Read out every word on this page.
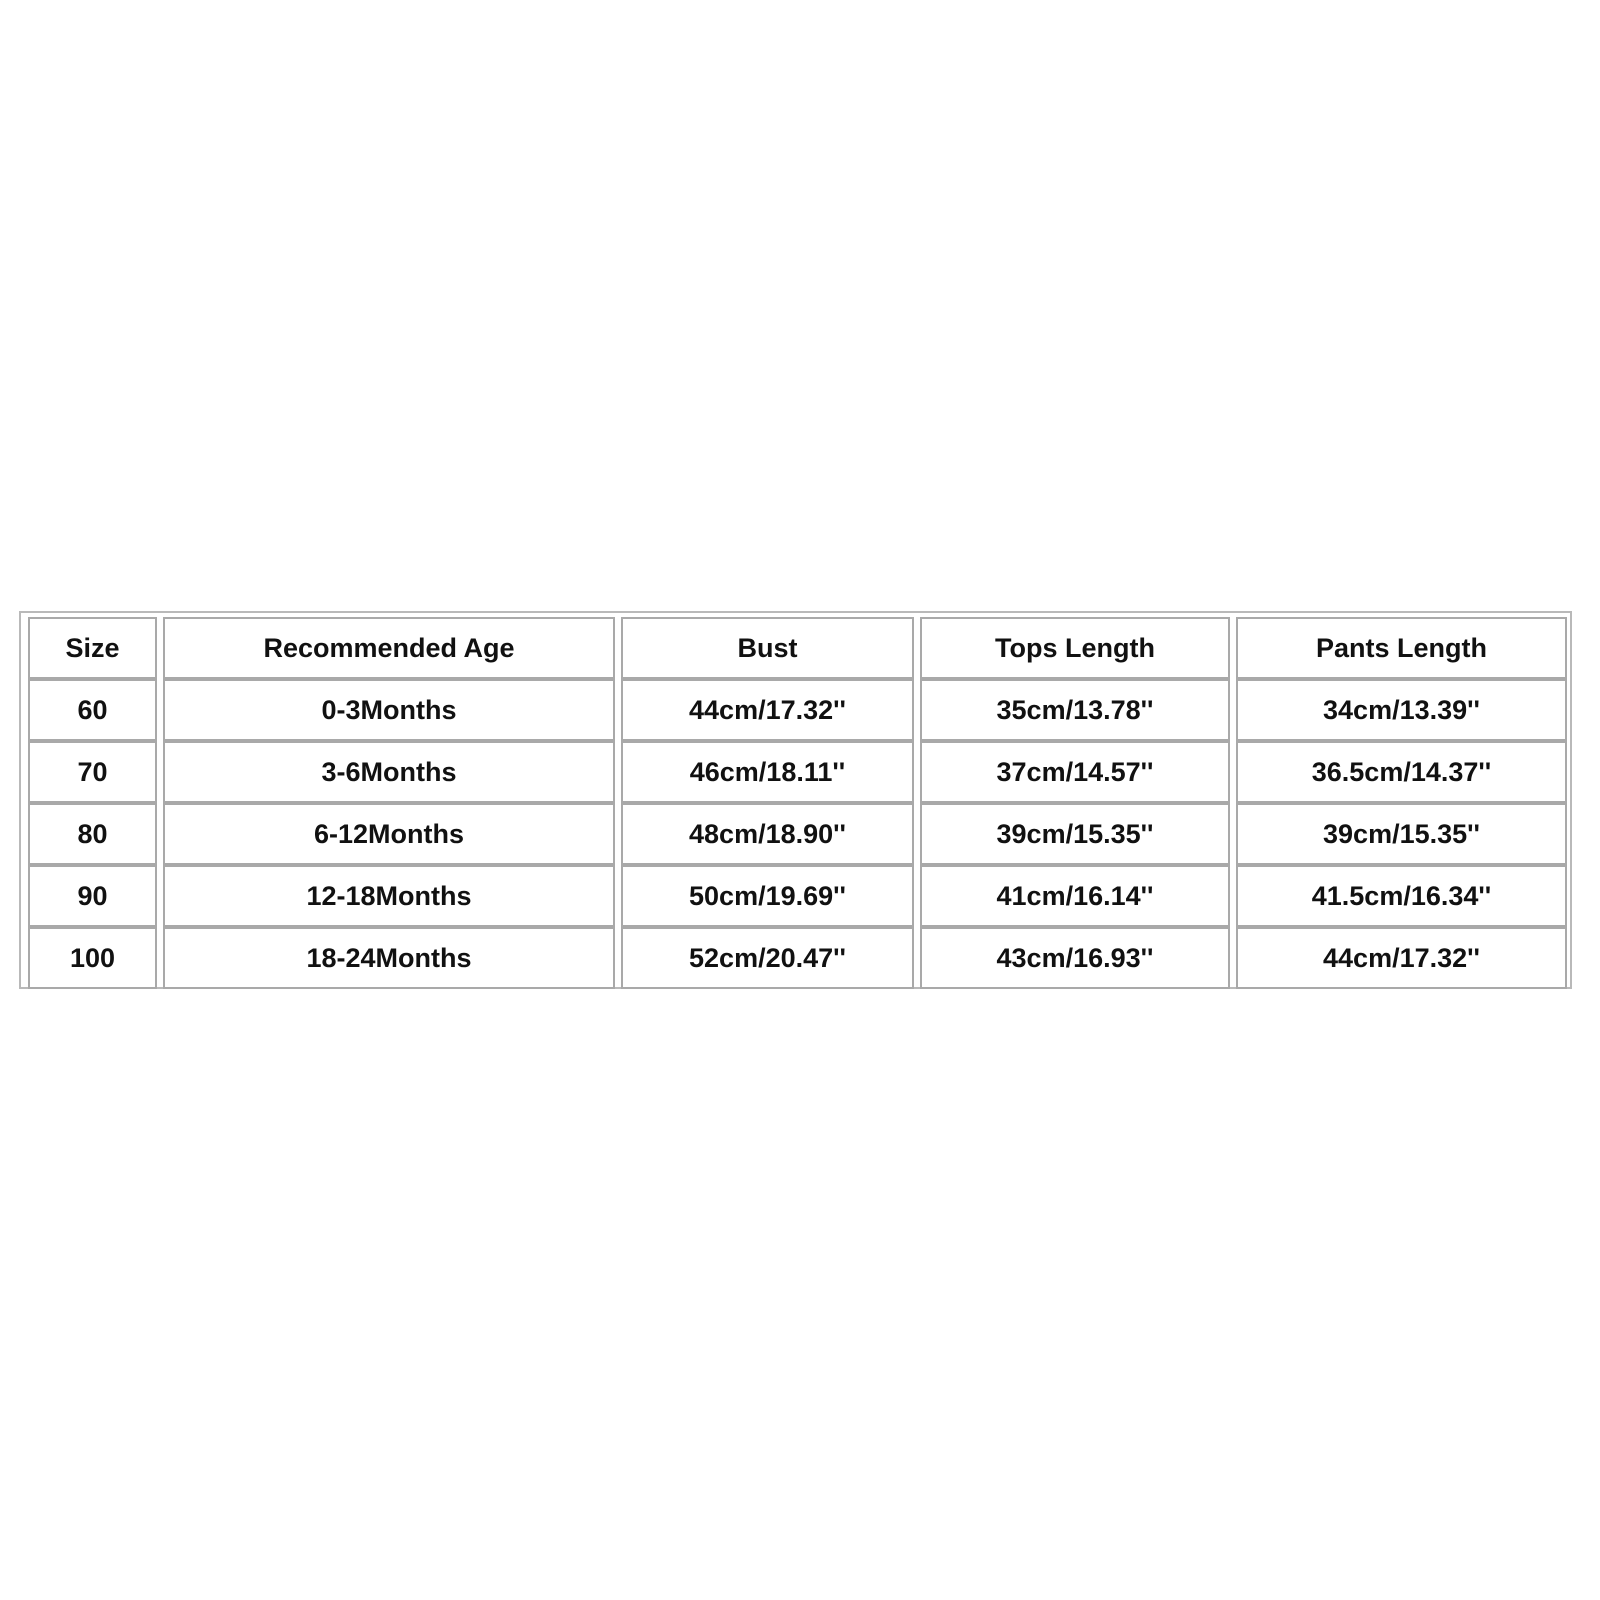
Size	Recommended Age	Bust	Tops Length	Pants Length

60	0-3Months	44cm/17.32''	35cm/13.78''	34cm/13.39''

70	3-6Months	46cm/18.11''	37cm/14.57''	36.5cm/14.37''

80	6-12Months	48cm/18.90''	39cm/15.35''	39cm/15.35''

90	12-18Months	50cm/19.69''	41cm/16.14''	41.5cm/16.34''

100	18-24Months	52cm/20.47''	43cm/16.93''	44cm/17.32''
